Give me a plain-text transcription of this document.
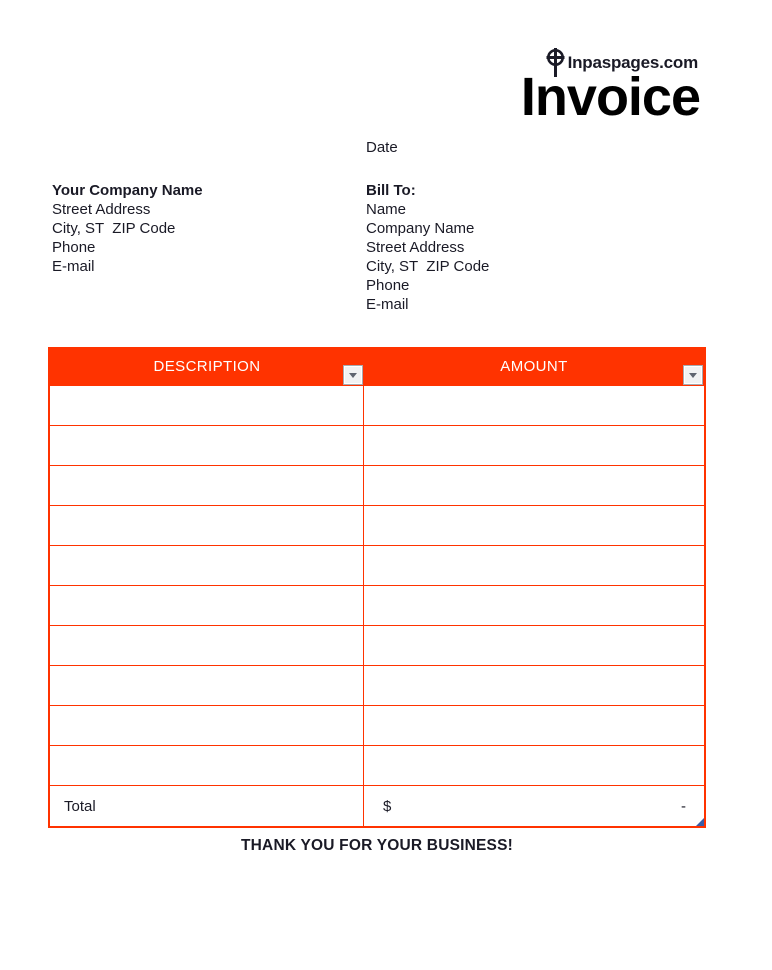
Inpaspages.com
Invoice
Date
Your Company Name
Street Address
City, ST  ZIP Code
Phone
E-mail
Bill To:
Name
Company Name
Street Address
City, ST  ZIP Code
Phone
E-mail
DESCRIPTION	AMOUNT
Total	$	-
THANK YOU FOR YOUR BUSINESS!
